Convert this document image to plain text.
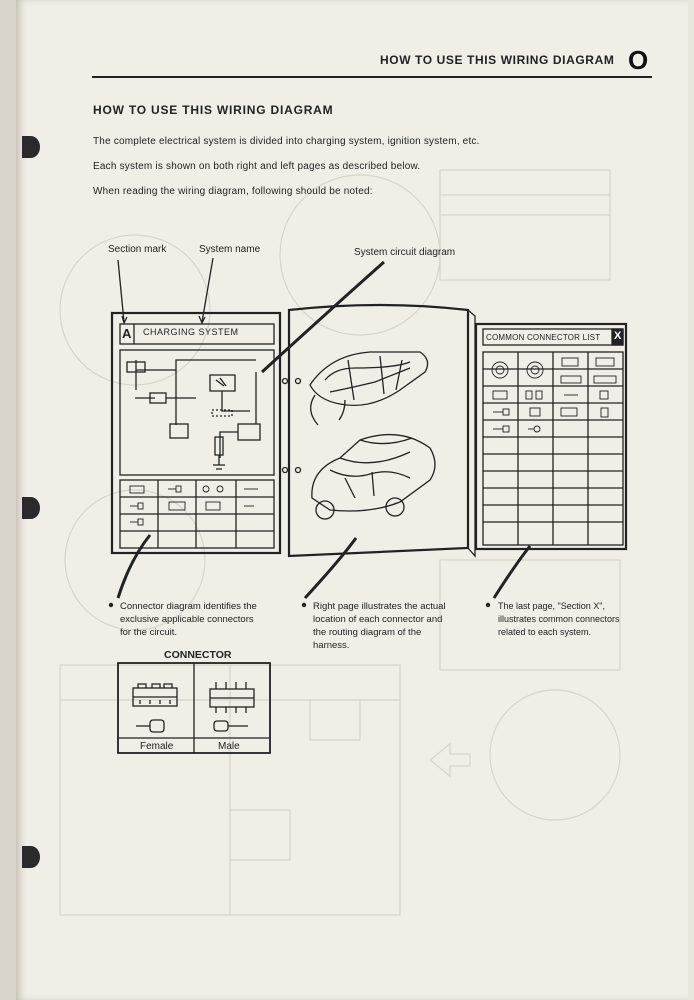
HOW TO USE THIS WIRING DIAGRAM O
HOW TO USE THIS WIRING DIAGRAM
The complete electrical system is divided into charging system, ignition system, etc.
Each system is shown on both right and left pages as described below.
When reading the wiring diagram, following should be noted:
Section mark	System name	System circuit diagram
A CHARGING SYSTEM
COMMON CONNECTOR LIST X
Connector diagram identifies the
exclusive applicable connectors
for the circuit.
Right page illustrates the actual
location of each connector and
the routing diagram of the
harness.
The last page, "Section X",
illustrates common connectors
related to each system.
CONNECTOR
Female	Male
